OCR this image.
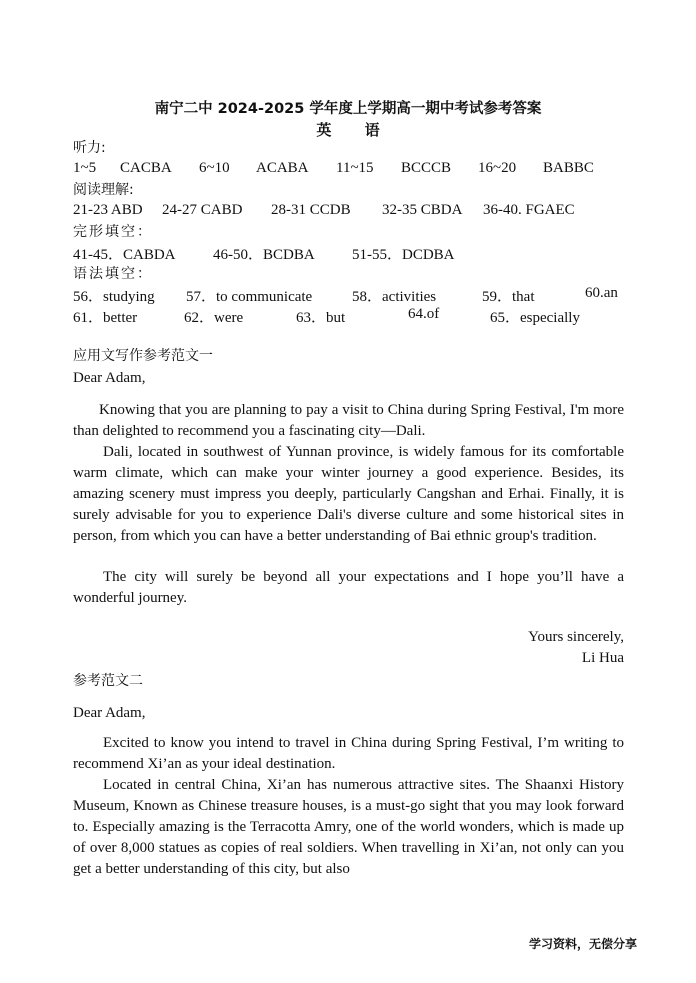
南宁二中 2024-2025 学年度上学期高一期中考试参考答案
英 语
听力:
1~5 CACBA 6~10 ACABA 11~15 BCCCB 16~20 BABBC
阅读理解:
21-23 ABD 24-27 CABD 28-31 CCDB 32-35 CBDA 36-40. FGAEC
完形填空：
41-45．CABDA 46-50．BCDBA 51-55．DCDBA
语法填空：
56．studying 57．to communicate	58．activities	59．that	60.an
61．better	62．were	63．but	64.of	65．especially
应用文写作参考范文一
Dear Adam,
Knowing that you are planning to pay a visit to China during Spring Festival, I'm more than delighted to recommend you a fascinating city—Dali.
Dali, located in southwest of Yunnan province, is widely famous for its comfortable warm climate, which can make your winter journey a good experience. Besides, its amazing scenery must impress you deeply, particularly Cangshan and Erhai. Finally, it is surely advisable for you to experience Dali's diverse culture and some historical sites in person, from which you can have a better understanding of Bai ethnic group's tradition.
The city will surely be beyond all your expectations and I hope you’ll have a wonderful journey.
Yours sincerely,
Li Hua
参考范文二
Dear Adam,
Excited to know you intend to travel in China during Spring Festival, I’m writing to recommend Xi’an as your ideal destination.
Located in central China, Xi’an has numerous attractive sites. The Shaanxi History Museum, Known as Chinese treasure houses, is a must-go sight that you may look forward to. Especially amazing is the Terracotta Amry, one of the world wonders, which is made up of over 8,000 statues as copies of real soldiers. When travelling in Xi’an, not only can you get a better understanding of this city, but also
学习资料，无偿分享
